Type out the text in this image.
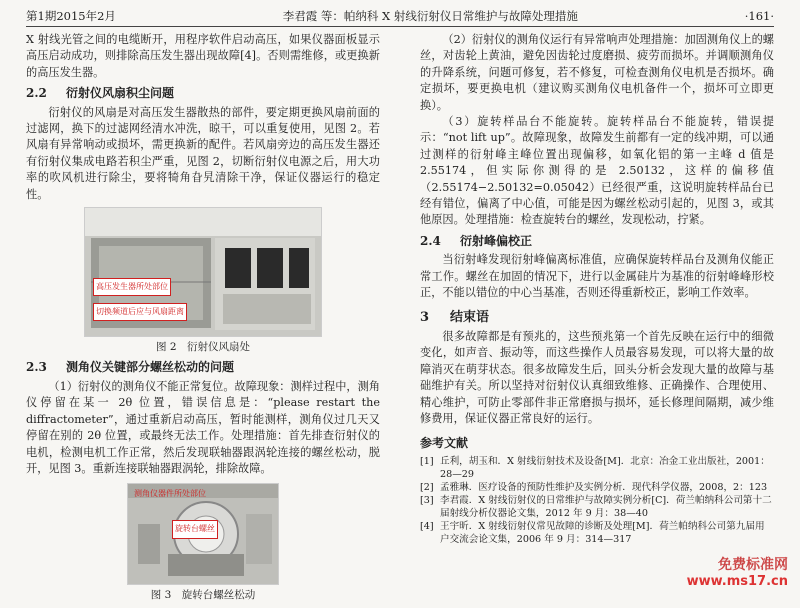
第1期2015年2月	李君霞 等：帕纳科 X 射线衍射仪日常维护与故障处理措施	·161·

X 射线光管之间的电缆断开，用程序软件启动高压，如果仪器面板显示高压启动成功，则排除高压发生器出现故障[4]。否则需维修，或更换新的高压发生器。

2.2 衍射仪风扇积尘问题

衍射仪的风扇是对高压发生器散热的部件，要定期更换风扇前面的过滤网，换下的过滤网经清水冲洗，晾干，可以重复使用，见图 2。若风扇有异常响动或损坏，需更换新的配件。若风扇旁边的高压发生器还有衍射仪集成电路若积尘严重，见图 2，切断衍射仪电源之后，用大功率的吹风机进行除尘，要将犄角旮旯清除干净，保证仪器运行的稳定性。

高压发生器所处部位
切换频道后应与风扇距离
图 2　衍射仪风扇处
2.3 测角仪关键部分螺丝松动的问题

（1）衍射仪的测角仪不能正常复位。故障现象：测样过程中，测角仪停留在某一 2θ 位置，错误信息是：“please restart the diffractometer”，通过重新启动高压，暂时能测样，测角仪过几天又停留在别的 2θ 位置，或最终无法工作。处理措施：首先排查衍射仪的电机，检测电机工作正常，然后发现联轴器跟涡轮连接的螺丝松动，脱开，见图 3。重新连接联轴器跟涡轮，排除故障。

测角仪器件所处部位
旋转台螺丝
图 3　旋转台螺丝松动

（2）衍射仪的测角仪运行有异常响声处理措施：加固测角仪上的螺丝，对齿轮上黄油，避免因齿轮过度磨损、疲劳而损坏。并调顺测角仪的升降系统，问题可修复，若不修复，可检查测角仪电机是否损坏。确定损坏，要更换电机（建议购买测角仪电机备件一个，损坏可立即更换）。

（3）旋转样品台不能旋转。旋转样品台不能旋转，错误提示：“not lift up”。故障现象，故障发生前都有一定的线冲期，可以通过测样的衍射峰主峰位置出现偏移，如氧化铝的第一主峰 d 值是 2.55174，但实际你测得的是 2.50132，这样的偏移值（2.55174−2.50132=0.05042）已经很严重，这说明旋转样品台已经有错位，偏离了中心值，可能是因为螺丝松动引起的，见图 3，或其他原因。处理措施：检查旋转台的螺丝，发现松动，拧紧。

2.4 衍射峰偏校正

当衍射峰发现衍射峰偏离标准值，应确保旋转样品台及测角仪能正常工作。螺丝在加固的情况下，进行以金属硅片为基准的衍射峰峰形校正，不能以错位的中心当基准，否则还得重新校正，影响工作效率。

3 结束语

很多故障都是有预兆的，这些预兆第一个首先反映在运行中的细微变化，如声音、振动等，而这些操作人员最容易发现，可以将大量的故障消灭在萌芽状态。很多故障发生后，回头分析会发现大量的故障与基础维护有关。所以坚持对衍射仪认真细致维修、正确操作、合理使用、精心维护，可防止零部件非正常磨损与损坏，延长修理间隔期，减少维修费用，保证仪器正常良好的运行。

参考文献
[1] 丘利，胡玉和．X 射线衍射技术及设备[M]．北京：冶金工业出版社，2001：28—29
[2] 孟雅琳．医疗设备的预防性维护及实例分析．现代科学仪器，2008，2：123
[3] 李君霞．X 射线衍射仪的日常维护与故障实例分析[C]．荷兰帕纳科公司第十二届射线分析仪器论文集，2012 年 9 月：38—40
[4] 王宇昕．X 射线衍射仪常见故障的诊断及处理[M]．荷兰帕纳科公司第九届用户交流会论文集，2006 年 9 月：314—317
免费标准网
www.ms17.cn
